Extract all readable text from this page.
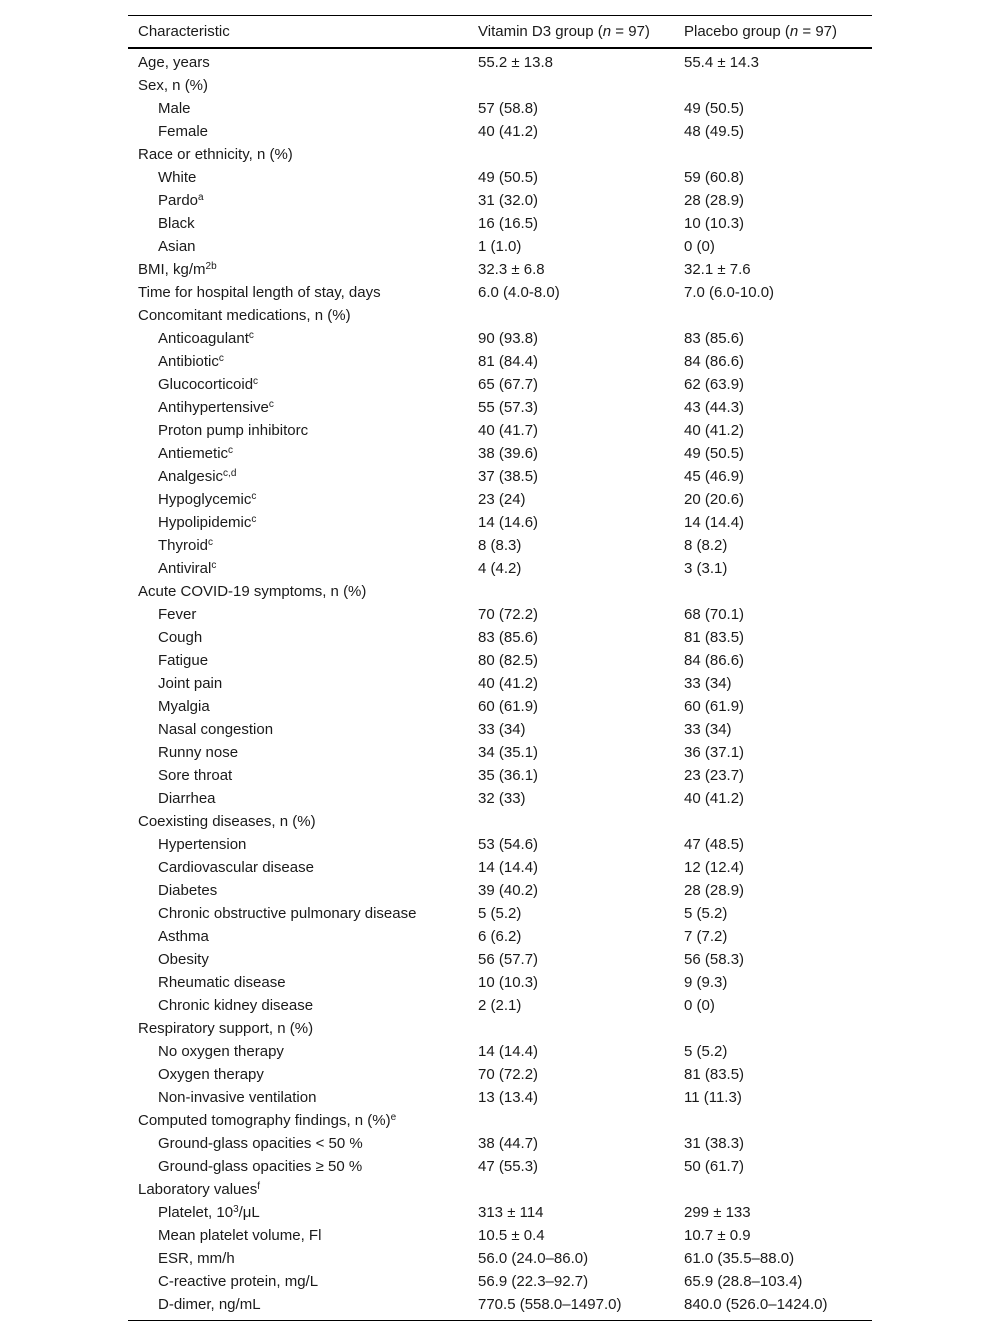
Characteristic	Vitamin D3 group (n = 97)	Placebo group (n = 97)
Age, years	55.2 ± 13.8	55.4 ± 14.3
Sex, n (%)		
Male	57 (58.8)	49 (50.5)
Female	40 (41.2)	48 (49.5)
Race or ethnicity, n (%)		
White	49 (50.5)	59 (60.8)
Pardo$^a$	31 (32.0)	28 (28.9)
Black	16 (16.5)	10 (10.3)
Asian	1 (1.0)	0 (0)
BMI, $kg/m^{2b}$	32.3 ± 6.8	32.1 ± 7.6
Time for hospital length of stay, days	6.0 (4.0-8.0)	7.0 (6.0-10.0)
Concomitant medications, n (%)		
Anticoagulant$^c$	90 (93.8)	83 (85.6)
Antibiotic$^c$	81 (84.4)	84 (86.6)
Glucocorticoid$^c$	65 (67.7)	62 (63.9)
Antihypertensive$^c$	55 (57.3)	43 (44.3)
Proton pump inhibitorc	40 (41.7)	40 (41.2)
Antiemetic$^c$	38 (39.6)	49 (50.5)
Analgesic$^{c,d}$	37 (38.5)	45 (46.9)
Hypoglycemic$^c$	23 (24)	20 (20.6)
Hypolipidemic$^c$	14 (14.6)	14 (14.4)
Thyroid$^c$	8 (8.3)	8 (8.2)
Antiviral$^c$	4 (4.2)	3 (3.1)
Acute COVID-19 symptoms, n (%)		
Fever	70 (72.2)	68 (70.1)
Cough	83 (85.6)	81 (83.5)
Fatigue	80 (82.5)	84 (86.6)
Joint pain	40 (41.2)	33 (34)
Myalgia	60 (61.9)	60 (61.9)
Nasal congestion	33 (34)	33 (34)
Runny nose	34 (35.1)	36 (37.1)
Sore throat	35 (36.1)	23 (23.7)
Diarrhea	32 (33)	40 (41.2)
Coexisting diseases, n (%)		
Hypertension	53 (54.6)	47 (48.5)
Cardiovascular disease	14 (14.4)	12 (12.4)
Diabetes	39 (40.2)	28 (28.9)
Chronic obstructive pulmonary disease	5 (5.2)	5 (5.2)
Asthma	6 (6.2)	7 (7.2)
Obesity	56 (57.7)	56 (58.3)
Rheumatic disease	10 (10.3)	9 (9.3)
Chronic kidney disease	2 (2.1)	0 (0)
Respiratory support, n (%)		
No oxygen therapy	14 (14.4)	5 (5.2)
Oxygen therapy	70 (72.2)	81 (83.5)
Non-invasive ventilation	13 (13.4)	11 (11.3)
Computed tomography findings, n (%)$^e$		
Ground-glass opacities < 50 %	38 (44.7)	31 (38.3)
Ground-glass opacities ≥ 50 %	47 (55.3)	50 (61.7)
Laboratory values$^f$		
Platelet, $10^3/\mu L$	313 ± 114	299 ± 133
Mean platelet volume, Fl	10.5 ± 0.4	10.7 ± 0.9
ESR, mm/h	56.0 (24.0–86.0)	61.0 (35.5–88.0)
C-reactive protein, mg/L	56.9 (22.3–92.7)	65.9 (28.8–103.4)
D-dimer, ng/mL	770.5 (558.0–1497.0)	840.0 (526.0–1424.0)
